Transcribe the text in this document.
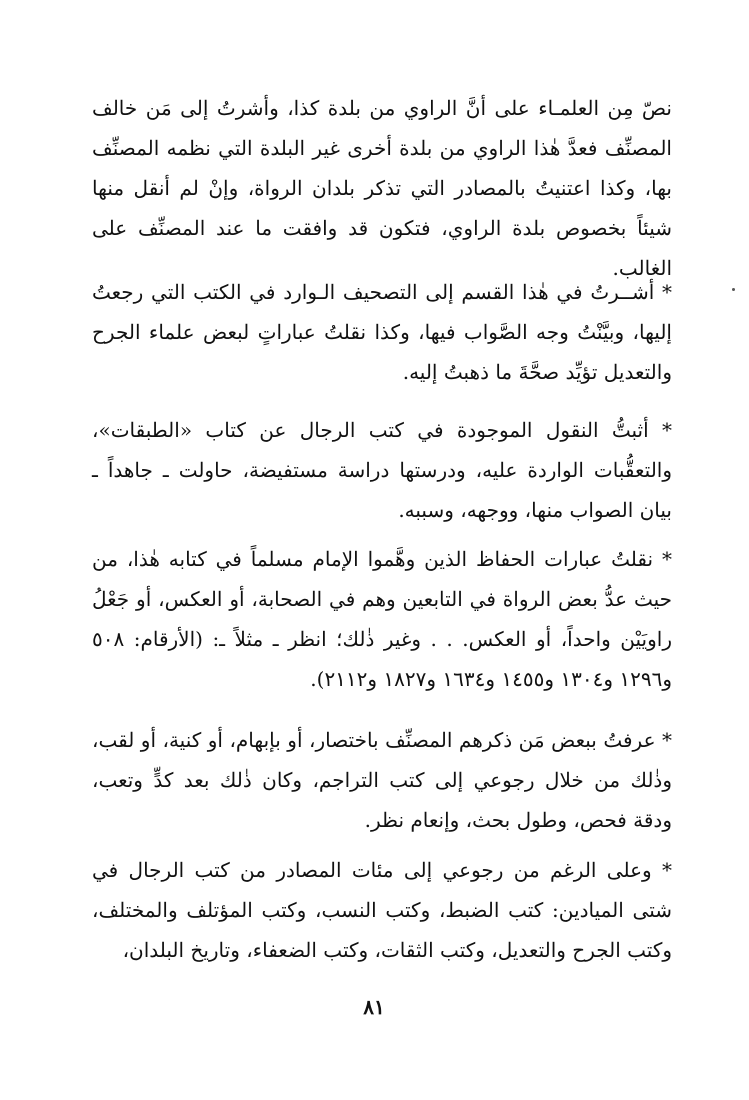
نصّ مِن العلمـاء على أنَّ الراوي من بلدة كذا، وأشرتُ إلى مَن خالف المصنِّف فعدَّ هٰذا الراوي من بلدة أخرى غير البلدة التي نظمه المصنِّف بها، وكذا اعتنيتُ بالمصادر التي تذكر بلدان الرواة، وإنْ لم أنقل منها شيئاً بخصوص بلدة الراوي، فتكون قد وافقت ما عند المصنِّف على الغالب.

* أشــرتُ في هٰذا القسم إلى التصحيف الـوارد في الكتب التي رجعتُ إليها، وبيَّنْتُ وجه الصَّواب فيها، وكذا نقلتُ عباراتٍ لبعض علماء الجرح والتعديل تؤيِّد صحَّةَ ما ذهبتُ إليه.

* أثبتُّ النقول الموجودة في كتب الرجال عن كتاب «الطبقات»، والتعقُّبات الواردة عليه، ودرستها دراسة مستفيضة، حاولت ـ جاهداً ـ بيان الصواب منها، ووجهه، وسببه.

* نقلتُ عبارات الحفاظ الذين وهَّموا الإمام مسلماً في كتابه هٰذا، من حيث عدُّ بعض الرواة في التابعين وهم في الصحابة، أو العكس، أو جَعْلُ راويَيْن واحداً، أو العكس. . . وغير ذٰلك؛ انظر ـ مثلاً ـ: (الأرقام: ٥٠٨ و١٢٩٦ و١٣٠٤ و١٤٥٥ و١٦٣٤ و١٨٢٧ و٢١١٢).

* عرفتُ ببعض مَن ذكرهم المصنِّف باختصار، أو بإبهام، أو كنية، أو لقب، وذٰلك من خلال رجوعي إلى كتب التراجم، وكان ذٰلك بعد كدٍّ وتعب، ودقة فحص، وطول بحث، وإنعام نظر.

* وعلى الرغم من رجوعي إلى مئات المصادر من كتب الرجال في شتى الميادين: كتب الضبط، وكتب النسب، وكتب المؤتلف والمختلف، وكتب الجرح والتعديل، وكتب الثقات، وكتب الضعفاء، وتاريخ البلدان،

٨١
